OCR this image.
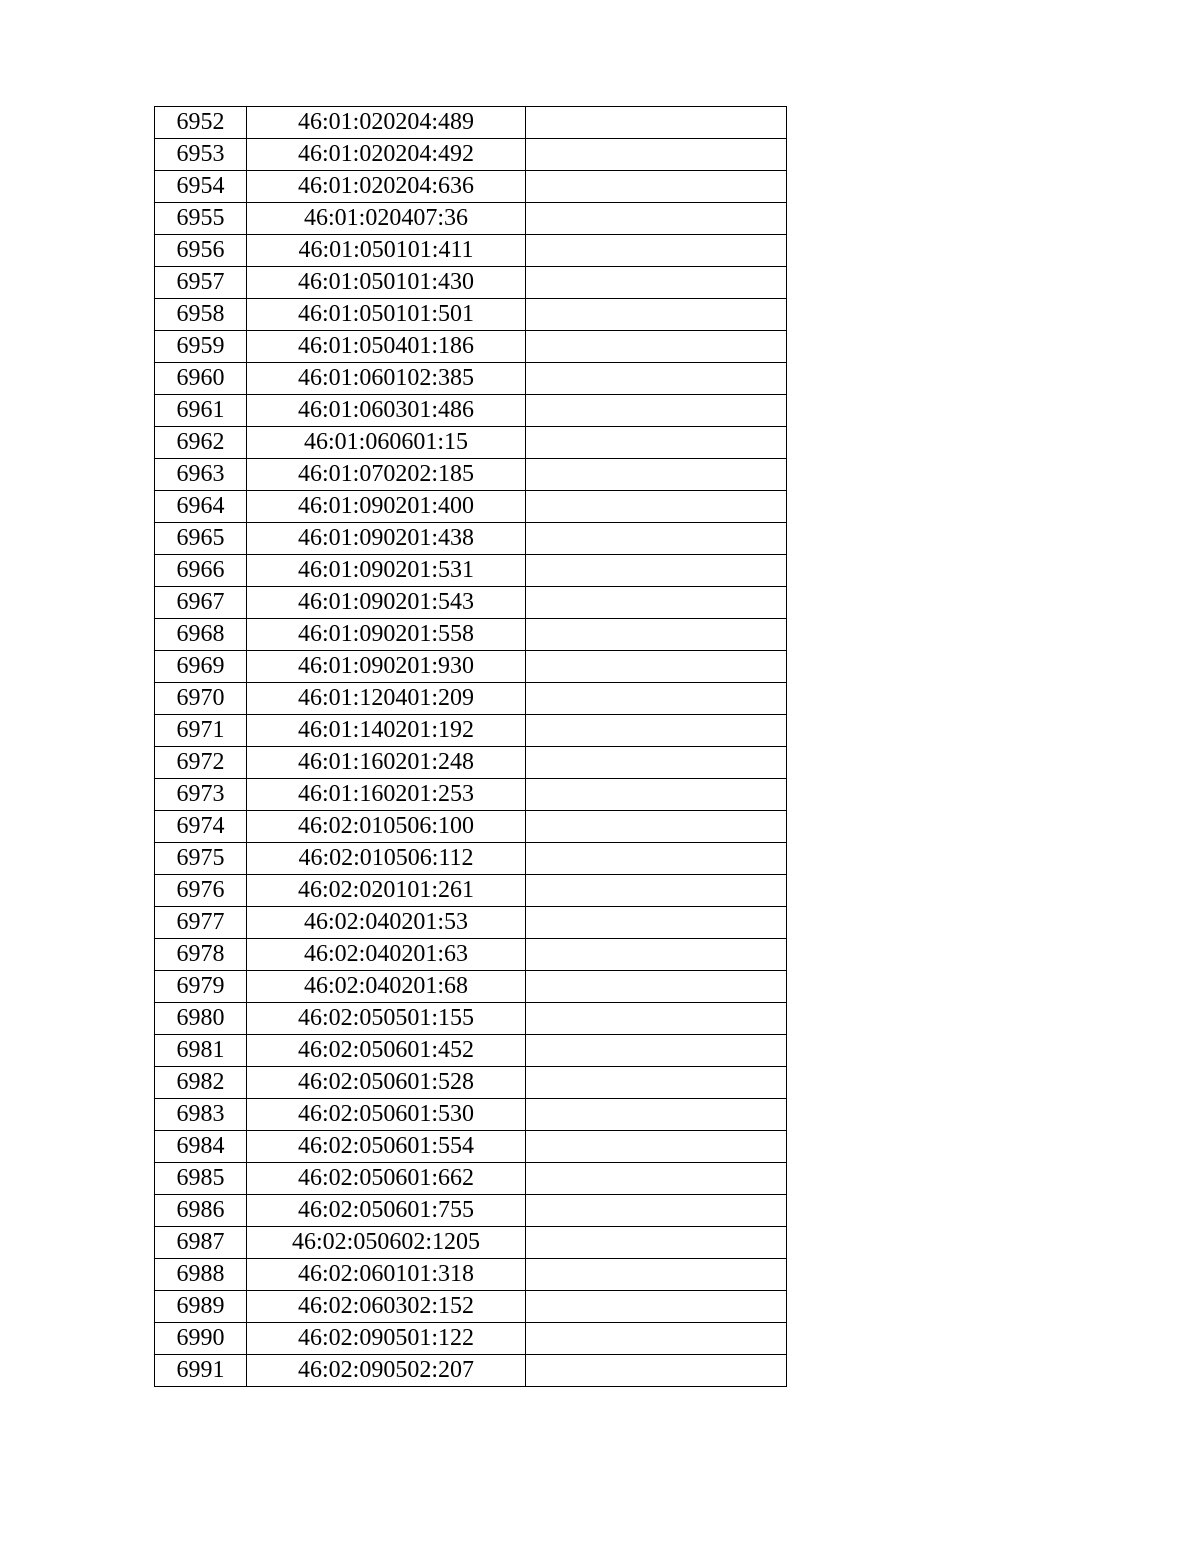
6952	46:01:020204:489	
6953	46:01:020204:492	
6954	46:01:020204:636	
6955	46:01:020407:36	
6956	46:01:050101:411	
6957	46:01:050101:430	
6958	46:01:050101:501	
6959	46:01:050401:186	
6960	46:01:060102:385	
6961	46:01:060301:486	
6962	46:01:060601:15	
6963	46:01:070202:185	
6964	46:01:090201:400	
6965	46:01:090201:438	
6966	46:01:090201:531	
6967	46:01:090201:543	
6968	46:01:090201:558	
6969	46:01:090201:930	
6970	46:01:120401:209	
6971	46:01:140201:192	
6972	46:01:160201:248	
6973	46:01:160201:253	
6974	46:02:010506:100	
6975	46:02:010506:112	
6976	46:02:020101:261	
6977	46:02:040201:53	
6978	46:02:040201:63	
6979	46:02:040201:68	
6980	46:02:050501:155	
6981	46:02:050601:452	
6982	46:02:050601:528	
6983	46:02:050601:530	
6984	46:02:050601:554	
6985	46:02:050601:662	
6986	46:02:050601:755	
6987	46:02:050602:1205	
6988	46:02:060101:318	
6989	46:02:060302:152	
6990	46:02:090501:122	
6991	46:02:090502:207	
